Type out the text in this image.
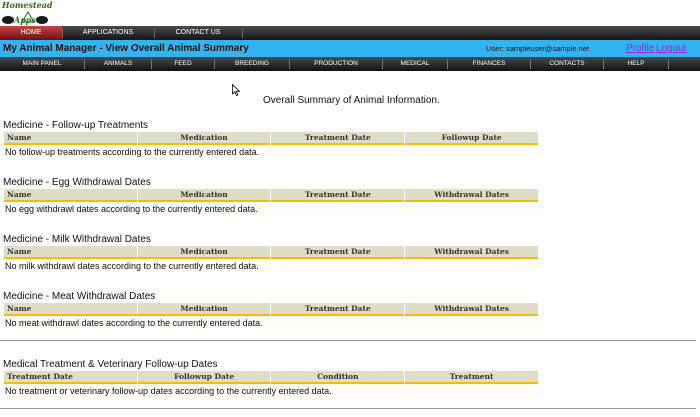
Homestead
Apps
HOME	APPLICATIONS	CONTACT US
My Animal Manager - View Overall Animal Summary	User: sampleuser@sample.net	Profile Logout
MAIN PANEL	ANIMALS	FEED	BREEDING	PRODUCTION	MEDICAL	FINANCES	CONTACTS	HELP
Overall Summary of Animal Information.
Medicine - Follow-up Treatments
Name	Medication	Treatment Date	Followup Date
No follow-up treatments according to the currently entered data.
Medicine - Egg Withdrawal Dates
Name	Medication	Treatment Date	Withdrawal Dates
No egg withdrawl dates according to the currently entered data.
Medicine - Milk Withdrawal Dates
Name	Medication	Treatment Date	Withdrawal Dates
No milk withdrawl dates according to the currently entered data.
Medicine - Meat Withdrawal Dates
Name	Medication	Treatment Date	Withdrawal Dates
No meat withdrawl dates according to the currently entered data.
Medical Treatment & Veterinary Follow-up Dates
Treatment Date	Followup Date	Condition	Treatment
No treatment or veterinary follow-up dates according to the currently entered data.
